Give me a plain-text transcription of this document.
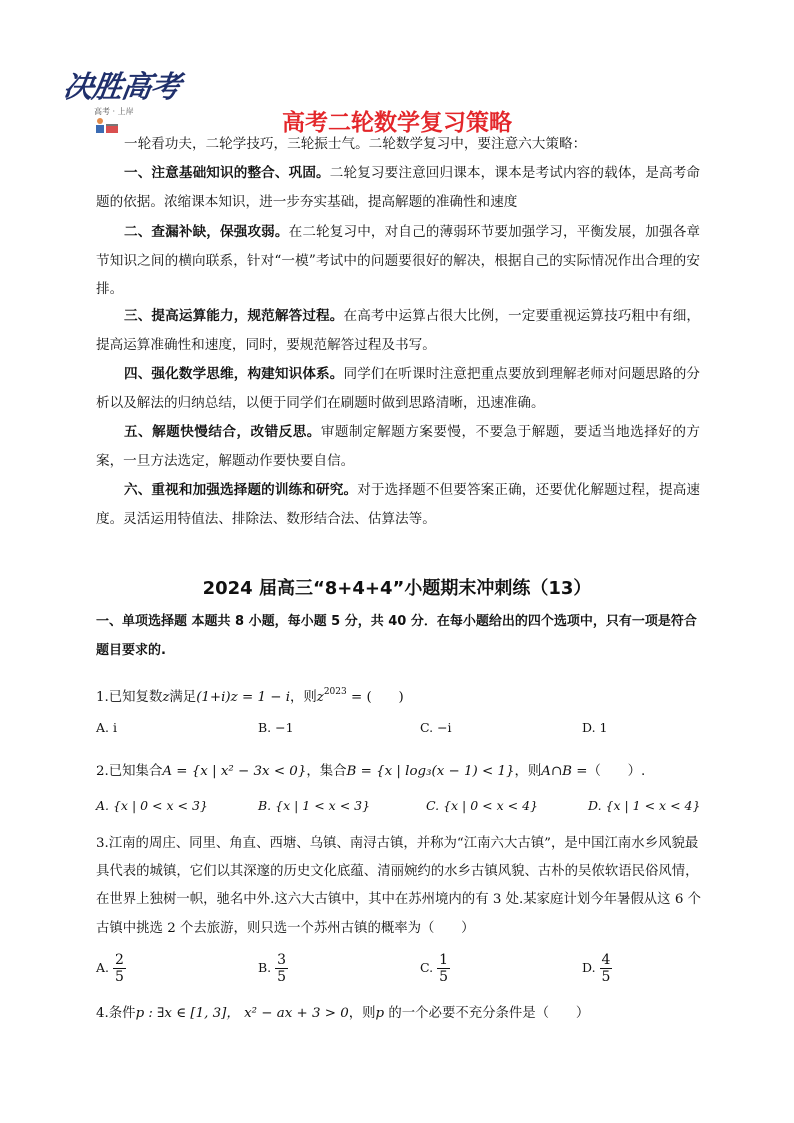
决胜高考
高考 · 上岸	高考二轮数学复习策略
一轮看功夫，二轮学技巧，三轮振士气。二轮数学复习中，要注意六大策略：
一、注意基础知识的整合、巩固。二轮复习要注意回归课本，课本是考试内容的载体，是高考命题的依据。浓缩课本知识，进一步夯实基础，提高解题的准确性和速度
二、查漏补缺，保强攻弱。在二轮复习中，对自己的薄弱环节要加强学习，平衡发展，加强各章节知识之间的横向联系，针对“一模”考试中的问题要很好的解决，根据自己的实际情况作出合理的安排。
三、提高运算能力，规范解答过程。在高考中运算占很大比例，一定要重视运算技巧粗中有细，提高运算准确性和速度，同时，要规范解答过程及书写。
四、强化数学思维，构建知识体系。同学们在听课时注意把重点要放到理解老师对问题思路的分析以及解法的归纳总结，以便于同学们在刷题时做到思路清晰，迅速准确。
五、解题快慢结合，改错反思。审题制定解题方案要慢，不要急于解题，要适当地选择好的方案，一旦方法选定，解题动作要快要自信。
六、重视和加强选择题的训练和研究。对于选择题不但要答案正确，还要优化解题过程，提高速度。灵活运用特值法、排除法、数形结合法、估算法等。
2024 届高三“8+4+4”小题期末冲刺练（13）
一、单项选择题 本题共 8 小题，每小题 5 分，共 40 分．在每小题给出的四个选项中，只有一项是符合题目要求的.
1.已知复数z满足(1+i)z = 1 − i，则$z^{2023}$ = (　　)
A. i	B. −1	C. −i	D. 1
2.已知集合A = {x | x² − 3x < 0}，集合B = {x | log₃(x − 1) < 1}，则A∩B =（　　）.
A. {x | 0 < x < 3}	B. {x | 1 < x < 3}	C. {x | 0 < x < 4}	D. {x | 1 < x < 4}
3.江南的周庄、同里、角直、西塘、乌镇、南浔古镇，并称为“江南六大古镇”，是中国江南水乡风貌最具代表的城镇，它们以其深邃的历史文化底蕴、清丽婉约的水乡古镇风貌、古朴的吴侬软语民俗风情，在世界上独树一帜，驰名中外.这六大古镇中，其中在苏州境内的有 3 处.某家庭计划今年暑假从这 6 个古镇中挑选 2 个去旅游，则只选一个苏州古镇的概率为（　　）
A. $\frac{2}{5}$	B. $\frac{3}{5}$	C. $\frac{1}{5}$	D. $\frac{4}{5}$
4.条件p : ∃x ∈ [1, 3]， x² − ax + 3 > 0，则p 的一个必要不充分条件是（　　）
